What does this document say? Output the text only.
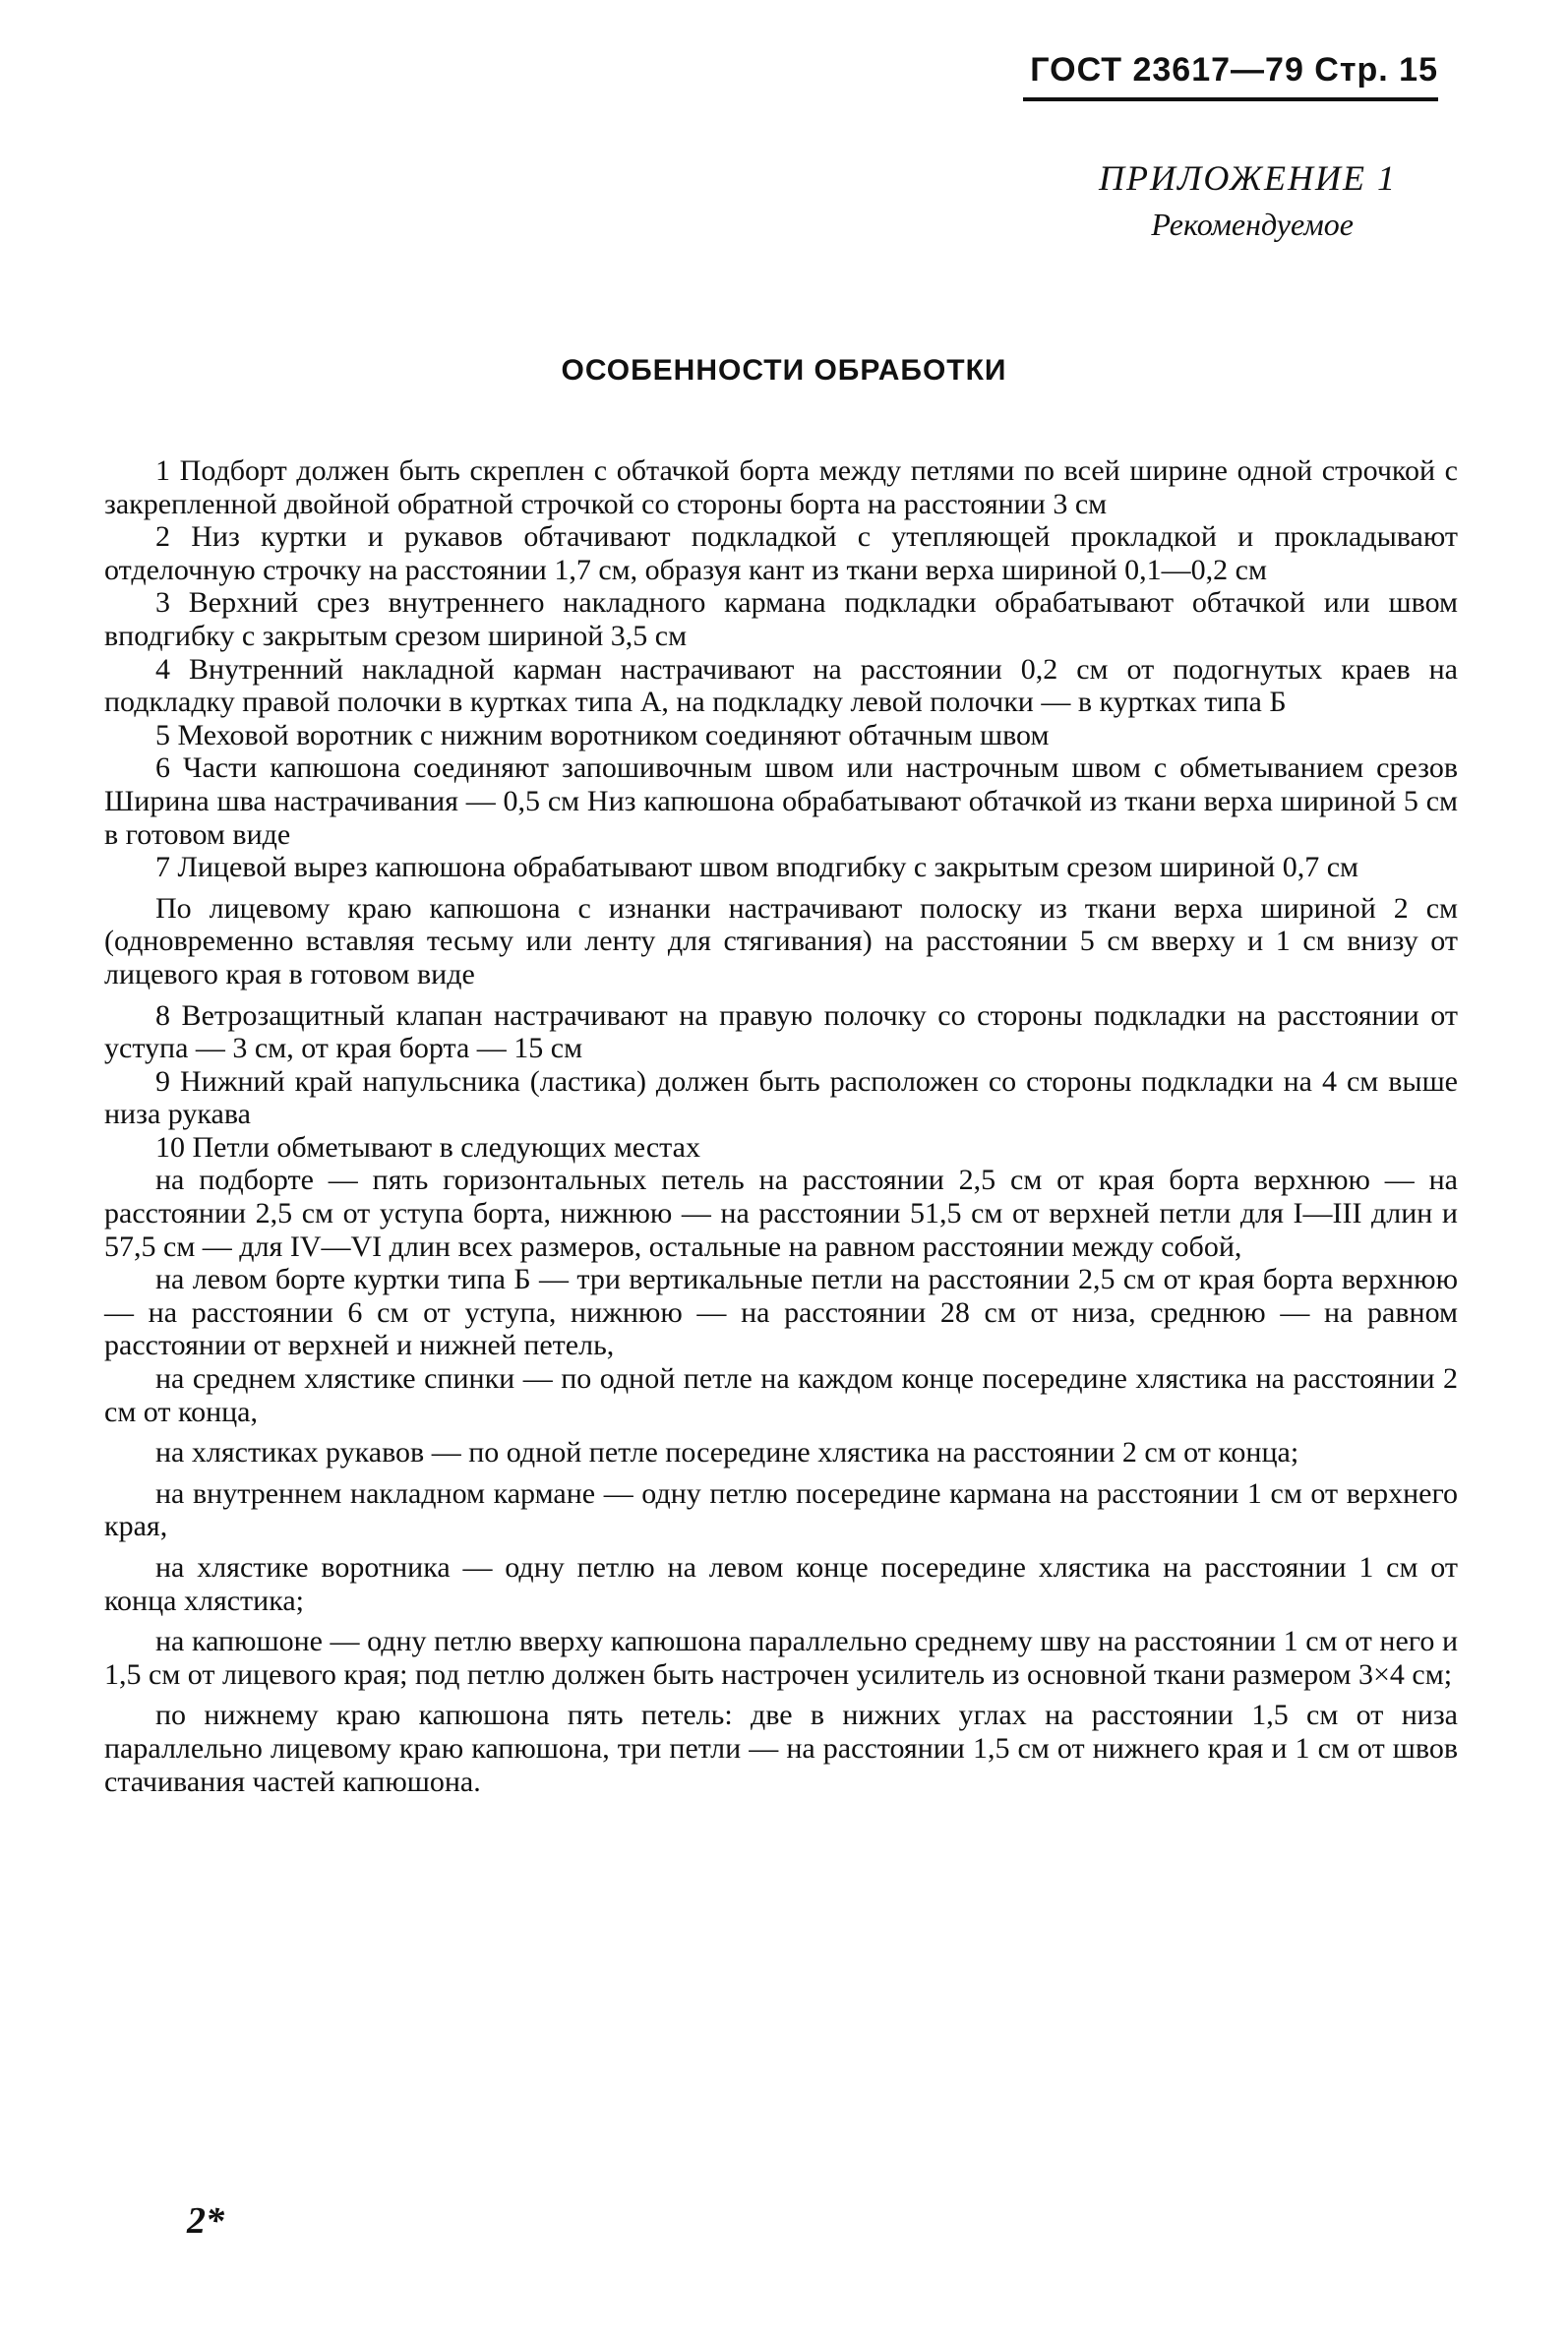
ГОСТ 23617—79 Стр. 15
ПРИЛОЖЕНИЕ 1
Рекомендуемое
ОСОБЕННОСТИ ОБРАБОТКИ

1 Подборт должен быть скреплен с обтачкой борта между петлями по всей ширине одной строчкой с закрепленной двойной обратной строчкой со стороны борта на расстоянии 3 см

2 Низ куртки и рукавов обтачивают подкладкой с утепляющей прокладкой и прокладывают отделочную строчку на расстоянии 1,7 см, образуя кант из ткани верха шириной 0,1—0,2 см

3 Верхний срез внутреннего накладного кармана подкладки обрабатывают обтачкой или швом вподгибку с закрытым срезом шириной 3,5 см

4 Внутренний накладной карман настрачивают на расстоянии 0,2 см от подогнутых краев на подкладку правой полочки в куртках типа А, на подкладку левой полочки — в куртках типа Б

5 Меховой воротник с нижним воротником соединяют обтачным швом

6 Части капюшона соединяют запошивочным швом или настрочным швом с обметыванием срезов Ширина шва настрачивания — 0,5 см Низ капюшона обрабатывают обтачкой из ткани верха шириной 5 см в готовом виде

7 Лицевой вырез капюшона обрабатывают швом вподгибку с закрытым срезом шириной 0,7 см

По лицевому краю капюшона с изнанки настрачивают полоску из ткани верха шириной 2 см (одновременно вставляя тесьму или ленту для стягивания) на расстоянии 5 см вверху и 1 см внизу от лицевого края в готовом виде

8 Ветрозащитный клапан настрачивают на правую полочку со стороны подкладки на расстоянии от уступа — 3 см, от края борта — 15 см

9 Нижний край напульсника (ластика) должен быть расположен со стороны подкладки на 4 см выше низа рукава

10 Петли обметывают в следующих местах

на подборте — пять горизонтальных петель на расстоянии 2,5 см от края борта верхнюю — на расстоянии 2,5 см от уступа борта, нижнюю — на расстоянии 51,5 см от верхней петли для I—III длин и 57,5 см — для IV—VI длин всех размеров, остальные на равном расстоянии между собой,

на левом борте куртки типа Б — три вертикальные петли на расстоянии 2,5 см от края борта верхнюю — на расстоянии 6 см от уступа, нижнюю — на расстоянии 28 см от низа, среднюю — на равном расстоянии от верхней и нижней петель,

на среднем хлястике спинки — по одной петле на каждом конце посередине хлястика на расстоянии 2 см от конца,

на хлястиках рукавов — по одной петле посередине хлястика на расстоянии 2 см от конца;

на внутреннем накладном кармане — одну петлю посередине кармана на расстоянии 1 см от верхнего края,

на хлястике воротника — одну петлю на левом конце посередине хлястика на расстоянии 1 см от конца хлястика;

на капюшоне — одну петлю вверху капюшона параллельно среднему шву на расстоянии 1 см от него и 1,5 см от лицевого края; под петлю должен быть настрочен усилитель из основной ткани размером 3×4 см;

по нижнему краю капюшона пять петель: две в нижних углах на расстоянии 1,5 см от низа параллельно лицевому краю капюшона, три петли — на расстоянии 1,5 см от нижнего края и 1 см от швов стачивания частей капюшона.

2*
